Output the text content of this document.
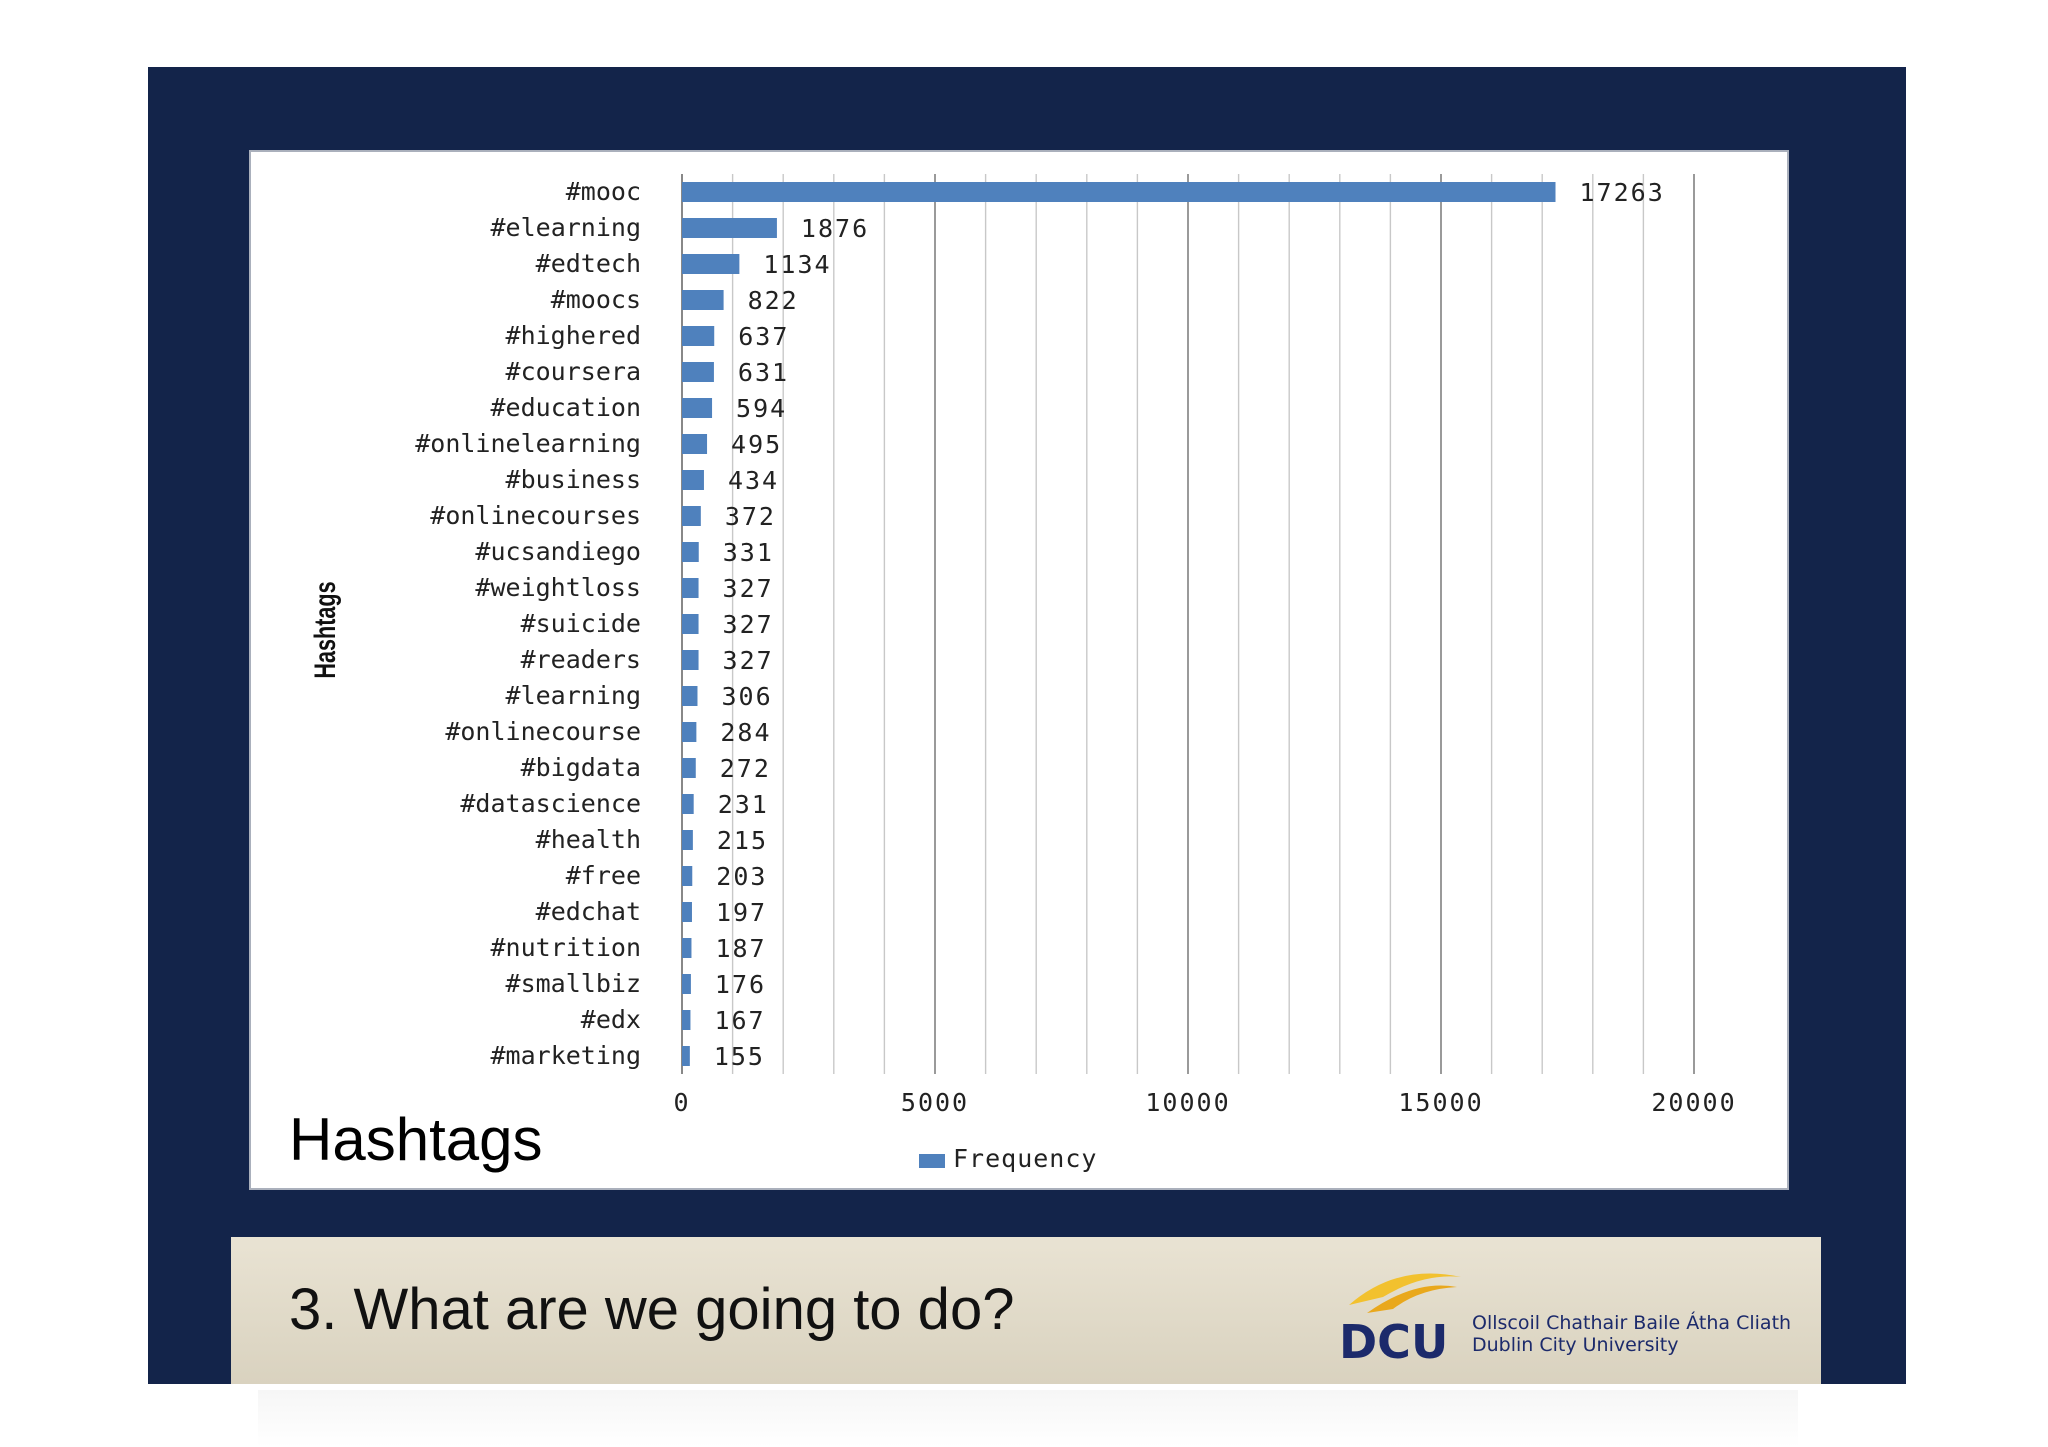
#mooc	17263
#elearning	1876
#edtech	1134
#moocs	822
#highered	637
#coursera	631
#education	594
#onlinelearning	495
#business	434
#onlinecourses	372
#ucsandiego	331
#weightloss	327
#suicide	327
#readers	327
#learning	306
#onlinecourse	284
#bigdata	272
#datascience	231
#health	215
#free	203
#edchat	197
#nutrition	187
#smallbiz	176
#edx	167
#marketing	155
0	5000	10000	15000	20000
Hashtags
Frequency
Hashtags
3. What are we going to do?	DCU Ollscoil Chathair Baile Átha Cliath
Dublin City University
